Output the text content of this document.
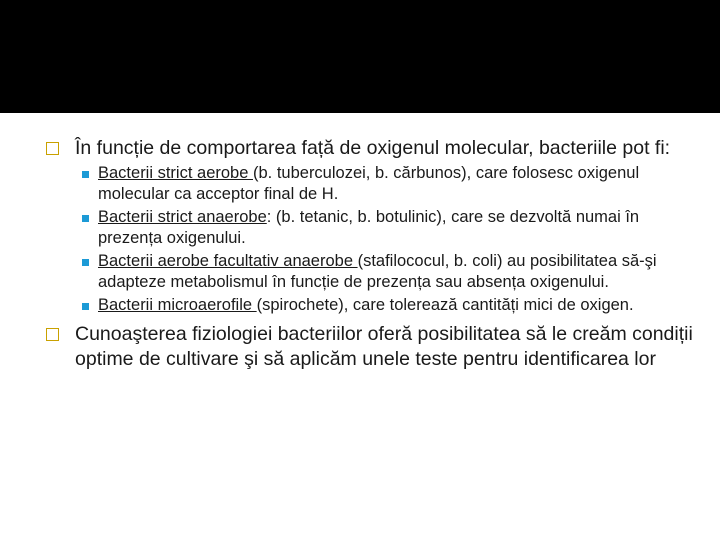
În funcție de comportarea față de oxigenul molecular, bacteriile pot fi:
Bacterii strict aerobe (b. tuberculozei, b. cărbunos), care folosesc oxigenul molecular ca acceptor final de H.
Bacterii strict anaerobe: (b. tetanic, b. botulinic), care se dezvoltă numai în prezența oxigenului.
Bacterii aerobe facultativ anaerobe (stafilococul, b. coli) au posibilitatea să-şi adapteze metabolismul în funcție de prezența sau absența oxigenului.
Bacterii microaerofile (spirochete), care tolerează cantități mici de oxigen.
Cunoaşterea fiziologiei bacteriilor oferă posibilitatea să le creăm condiții optime de cultivare şi să aplicăm unele teste pentru identificarea lor
